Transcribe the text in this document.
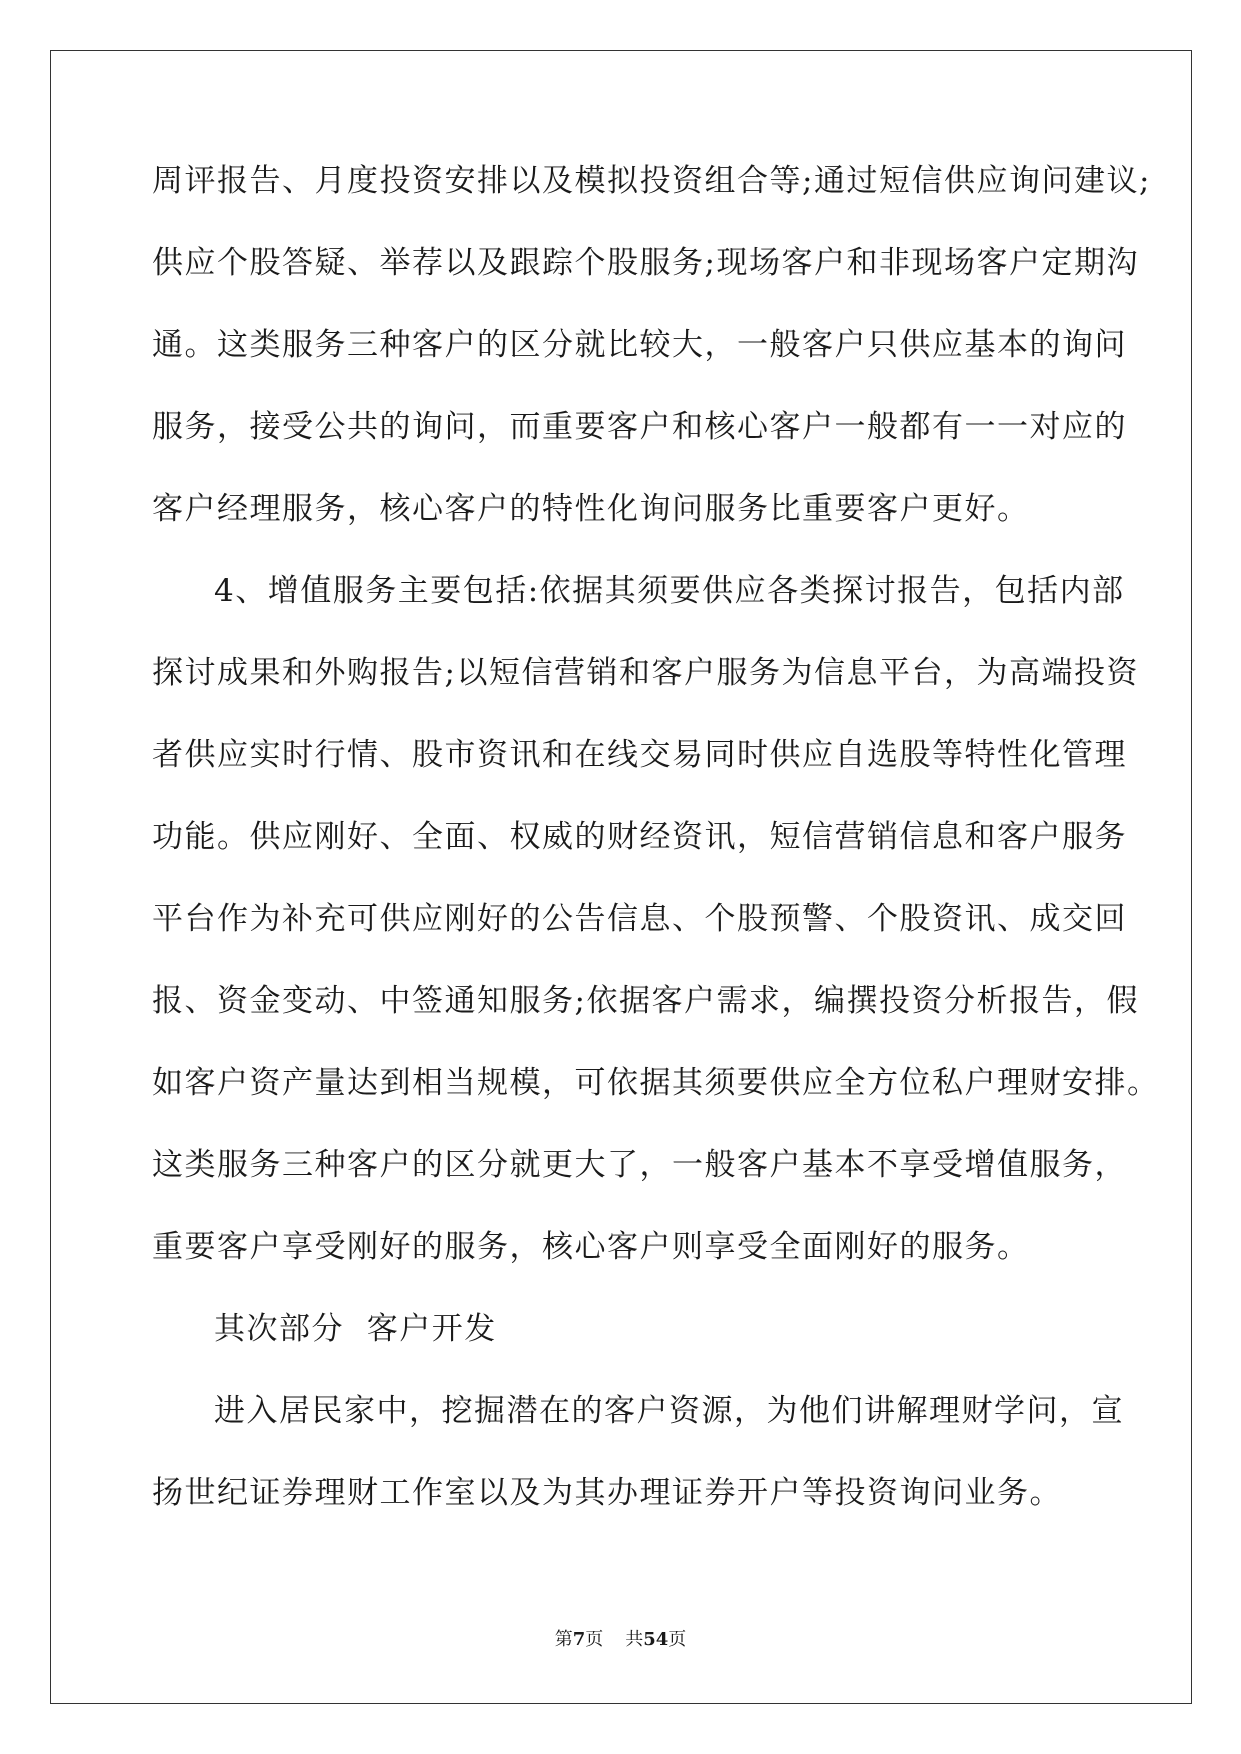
周评报告、月度投资安排以及模拟投资组合等;通过短信供应询问建议;
供应个股答疑、举荐以及跟踪个股服务;现场客户和非现场客户定期沟
通。这类服务三种客户的区分就比较大，一般客户只供应基本的询问
服务，接受公共的询问，而重要客户和核心客户一般都有一一对应的
客户经理服务，核心客户的特性化询问服务比重要客户更好。
4、增值服务主要包括:依据其须要供应各类探讨报告，包括内部
探讨成果和外购报告;以短信营销和客户服务为信息平台，为高端投资
者供应实时行情、股市资讯和在线交易同时供应自选股等特性化管理
功能。供应刚好、全面、权威的财经资讯，短信营销信息和客户服务
平台作为补充可供应刚好的公告信息、个股预警、个股资讯、成交回
报、资金变动、中签通知服务;依据客户需求，编撰投资分析报告，假
如客户资产量达到相当规模，可依据其须要供应全方位私户理财安排。
这类服务三种客户的区分就更大了，一般客户基本不享受增值服务，
重要客户享受刚好的服务，核心客户则享受全面刚好的服务。
其次部分  客户开发
进入居民家中，挖掘潜在的客户资源，为他们讲解理财学问，宣
扬世纪证券理财工作室以及为其办理证券开户等投资询问业务。
第7页 共54页
